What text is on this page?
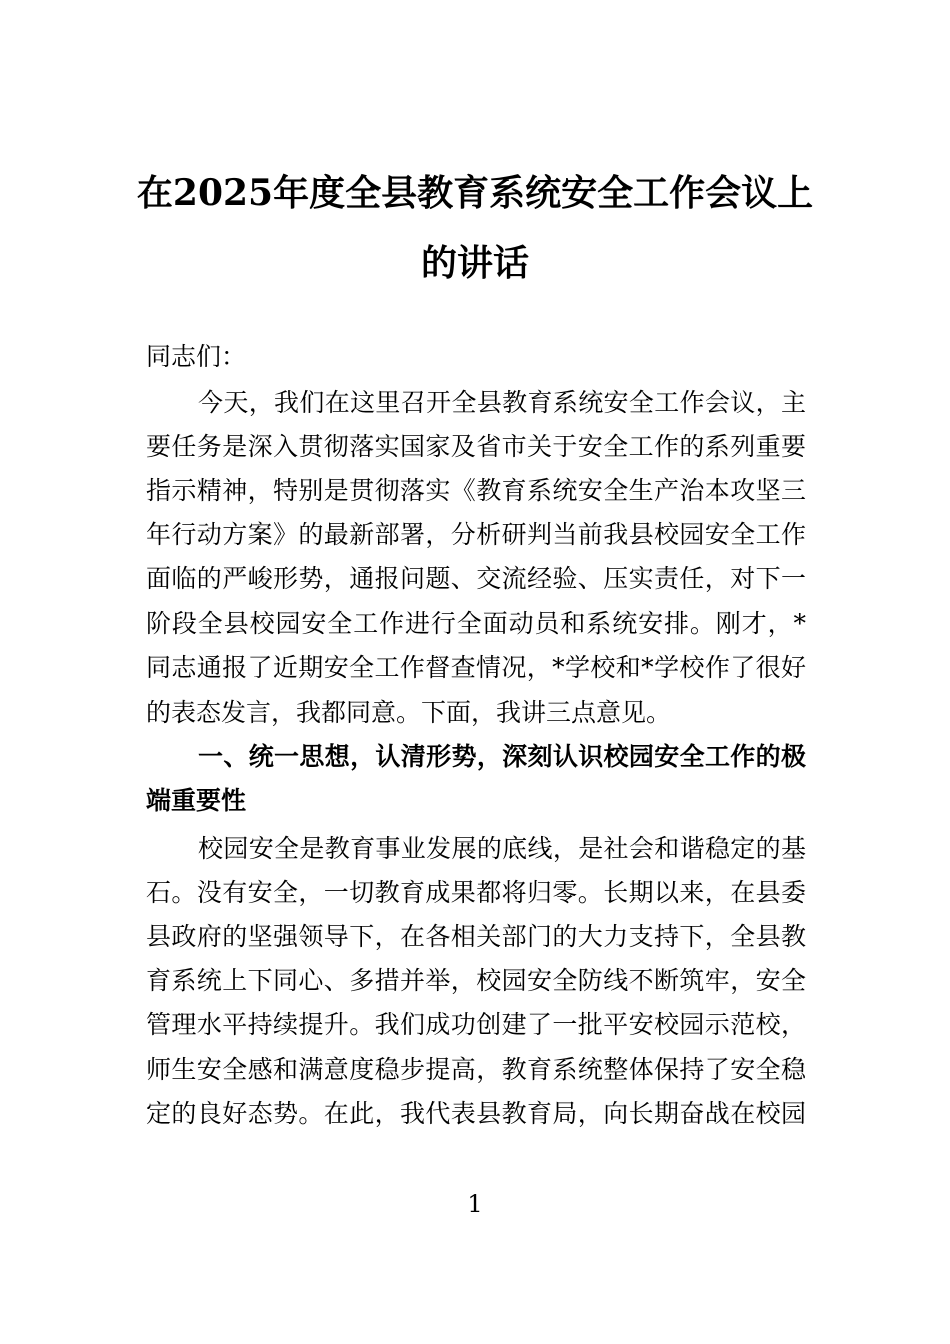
在2025年度全县教育系统安全工作会议上
的讲话
同志们：
今天，我们在这里召开全县教育系统安全工作会议，主
要任务是深入贯彻落实国家及省市关于安全工作的系列重要
指示精神，特别是贯彻落实《教育系统安全生产治本攻坚三
年行动方案》的最新部署，分析研判当前我县校园安全工作
面临的严峻形势，通报问题、交流经验、压实责任，对下一
阶段全县校园安全工作进行全面动员和系统安排。刚才，*
同志通报了近期安全工作督查情况，*学校和*学校作了很好
的表态发言，我都同意。下面，我讲三点意见。
一、统一思想，认清形势，深刻认识校园安全工作的极
端重要性
校园安全是教育事业发展的底线，是社会和谐稳定的基
石。没有安全，一切教育成果都将归零。长期以来，在县委
县政府的坚强领导下，在各相关部门的大力支持下，全县教
育系统上下同心、多措并举，校园安全防线不断筑牢，安全
管理水平持续提升。我们成功创建了一批平安校园示范校，
师生安全感和满意度稳步提高，教育系统整体保持了安全稳
定的良好态势。在此，我代表县教育局，向长期奋战在校园
1
